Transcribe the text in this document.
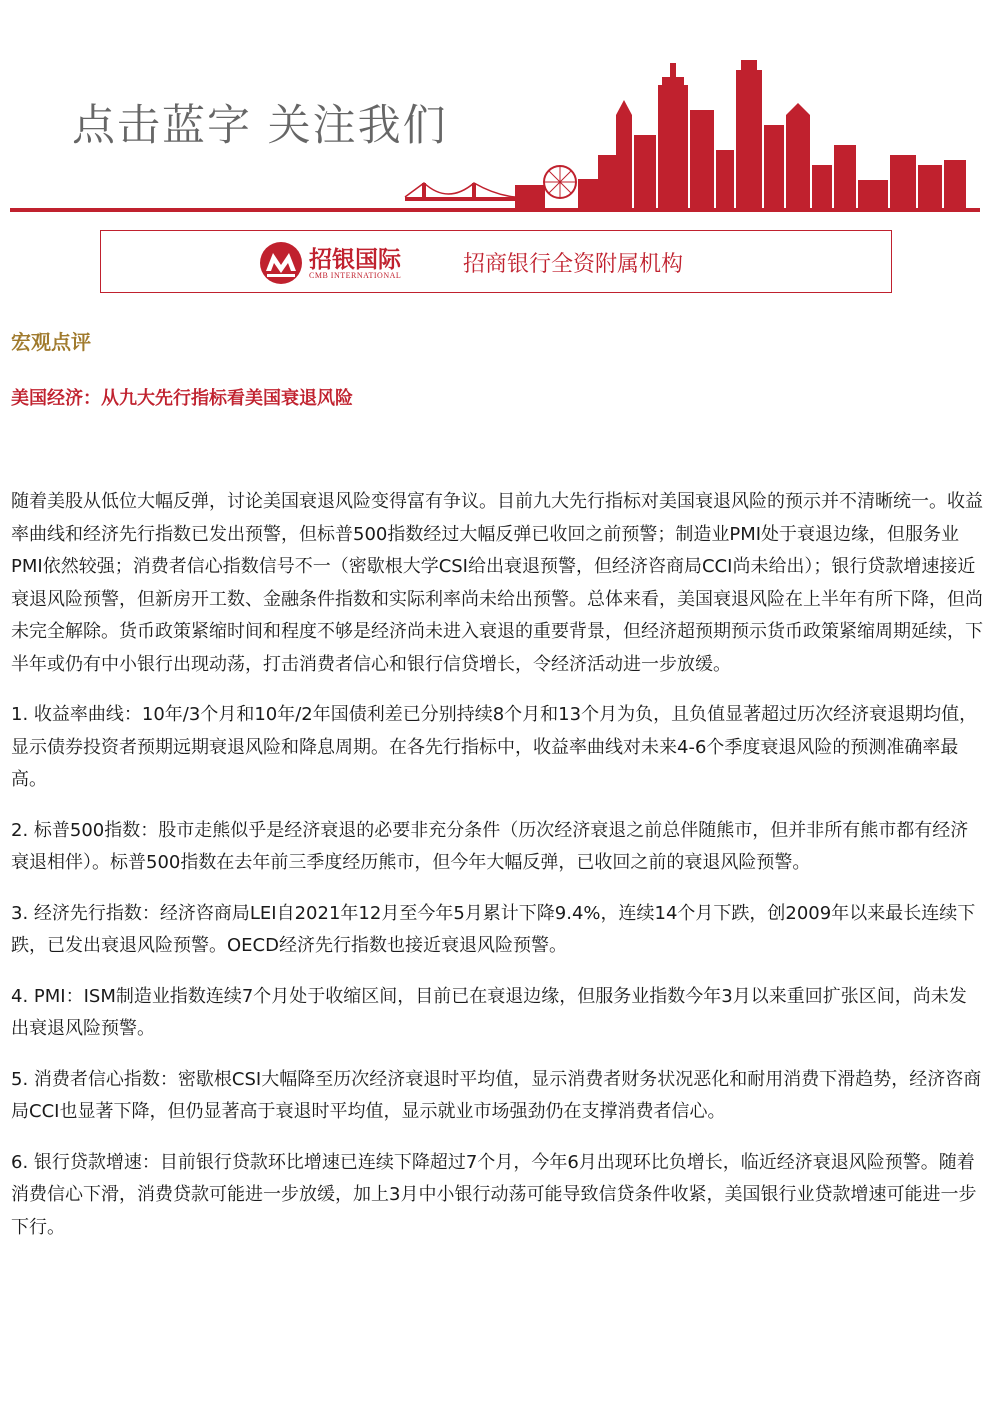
点击蓝字 关注我们
招银国际
CMB INTERNATIONAL	招商银行全资附属机构
宏观点评
美国经济：从九大先行指标看美国衰退风险

随着美股从低位大幅反弹，讨论美国衰退风险变得富有争议。目前九大先行指标对美国衰退风险的预示并不清晰统一。收益率曲线和经济先行指数已发出预警，但标普500指数经过大幅反弹已收回之前预警；制造业PMI处于衰退边缘，但服务业PMI依然较强；消费者信心指数信号不一（密歇根大学CSI给出衰退预警，但经济咨商局CCI尚未给出）；银行贷款增速接近衰退风险预警，但新房开工数、金融条件指数和实际利率尚未给出预警。总体来看，美国衰退风险在上半年有所下降，但尚未完全解除。货币政策紧缩时间和程度不够是经济尚未进入衰退的重要背景，但经济超预期预示货币政策紧缩周期延续，下半年或仍有中小银行出现动荡，打击消费者信心和银行信贷增长，令经济活动进一步放缓。

1. 收益率曲线：10年/3个月和10年/2年国债利差已分别持续8个月和13个月为负，且负值显著超过历次经济衰退期均值，显示债券投资者预期远期衰退风险和降息周期。在各先行指标中，收益率曲线对未来4-6个季度衰退风险的预测准确率最高。

2. 标普500指数：股市走熊似乎是经济衰退的必要非充分条件（历次经济衰退之前总伴随熊市，但并非所有熊市都有经济衰退相伴）。标普500指数在去年前三季度经历熊市，但今年大幅反弹，已收回之前的衰退风险预警。

3. 经济先行指数：经济咨商局LEI自2021年12月至今年5月累计下降9.4%，连续14个月下跌，创2009年以来最长连续下跌，已发出衰退风险预警。OECD经济先行指数也接近衰退风险预警。

4. PMI：ISM制造业指数连续7个月处于收缩区间，目前已在衰退边缘，但服务业指数今年3月以来重回扩张区间，尚未发出衰退风险预警。

5. 消费者信心指数：密歇根CSI大幅降至历次经济衰退时平均值，显示消费者财务状况恶化和耐用消费下滑趋势，经济咨商局CCI也显著下降，但仍显著高于衰退时平均值，显示就业市场强劲仍在支撑消费者信心。

6. 银行贷款增速：目前银行贷款环比增速已连续下降超过7个月，今年6月出现环比负增长，临近经济衰退风险预警。随着消费信心下滑，消费贷款可能进一步放缓，加上3月中小银行动荡可能导致信贷条件收紧，美国银行业贷款增速可能进一步下行。
